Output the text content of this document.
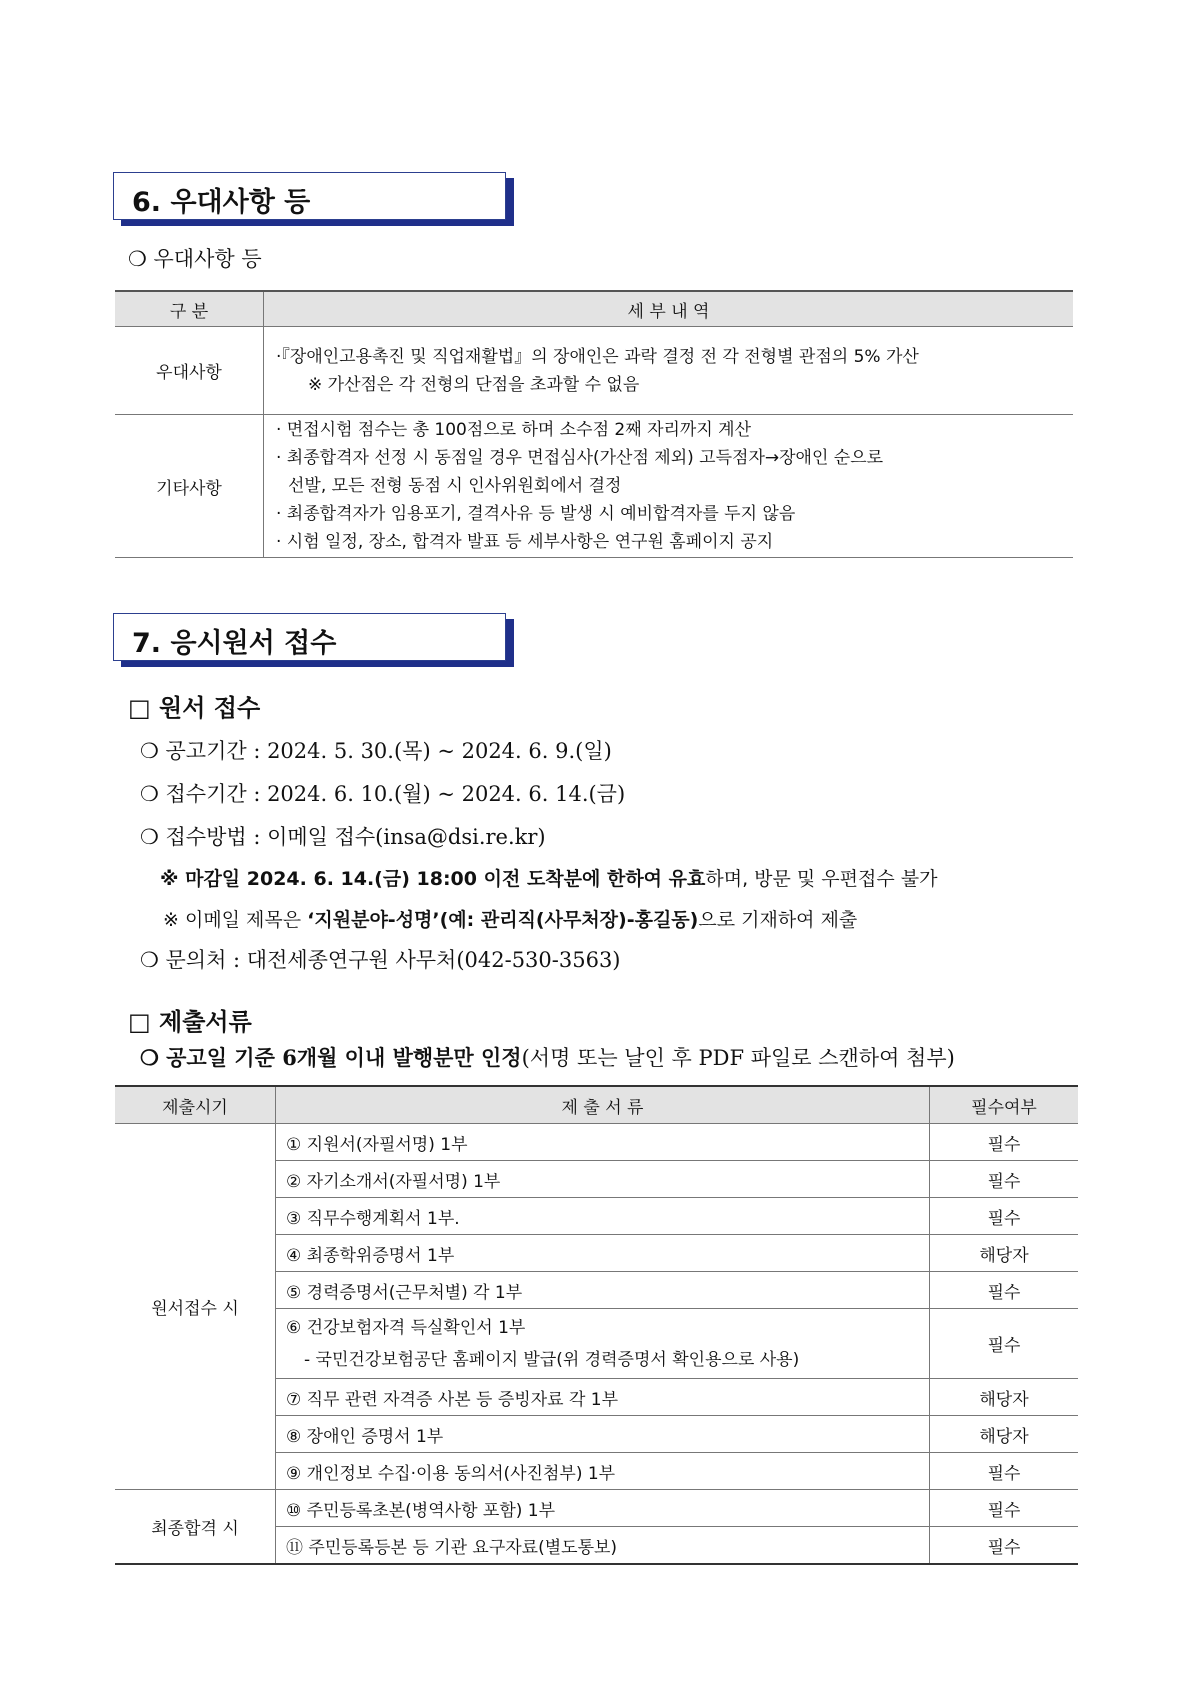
6. 우대사항 등
❍ 우대사항 등
구 분	세 부 내 역
우대사항	·『장애인고용촉진 및 직업재활법』의 장애인은 과락 결정 전 각 전형별 관점의 5% 가산
※ 가산점은 각 전형의 단점을 초과할 수 없음

기타사항	· 면접시험 점수는 총 100점으로 하며 소수점 2째 자리까지 계산
· 최종합격자 선정 시 동점일 경우 면접심사(가산점 제외) 고득점자→장애인 순으로
선발, 모든 전형 동점 시 인사위원회에서 결정
· 최종합격자가 임용포기, 결격사유 등 발생 시 예비합격자를 두지 않음
· 시험 일정, 장소, 합격자 발표 등 세부사항은 연구원 홈페이지 공지
7. 응시원서 접수
□ 원서 접수
❍ 공고기간 : 2024. 5. 30.(목) ~ 2024. 6. 9.(일)
❍ 접수기간 : 2024. 6. 10.(월) ~ 2024. 6. 14.(금)
❍ 접수방법 : 이메일 접수(insa@dsi.re.kr)
※ 마감일 2024. 6. 14.(금) 18:00 이전 도착분에 한하여 유효하며, 방문 및 우편접수 불가
※ 이메일 제목은 ‘지원분야-성명’(예: 관리직(사무처장)-홍길동)으로 기재하여 제출
❍ 문의처 : 대전세종연구원 사무처(042-530-3563)
□ 제출서류
❍ 공고일 기준 6개월 이내 발행분만 인정(서명 또는 날인 후 PDF 파일로 스캔하여 첨부)
제출시기	제 출 서 류	필수여부
원서접수 시	① 지원서(자필서명) 1부	필수
	② 자기소개서(자필서명) 1부	필수
	③ 직무수행계획서 1부.	필수
	④ 최종학위증명서 1부	해당자
	⑤ 경력증명서(근무처별) 각 1부	필수

	⑥ 건강보험자격 득실확인서 1부
- 국민건강보험공단 홈페이지 발급(위 경력증명서 확인용으로 사용)	필수
	⑦ 직무 관련 자격증 사본 등 증빙자료 각 1부	해당자
	⑧ 장애인 증명서 1부	해당자
	⑨ 개인정보 수집·이용 동의서(사진첨부) 1부	필수
최종합격 시	⑩ 주민등록초본(병역사항 포함) 1부	필수
	⑪ 주민등록등본 등 기관 요구자료(별도통보)	필수
